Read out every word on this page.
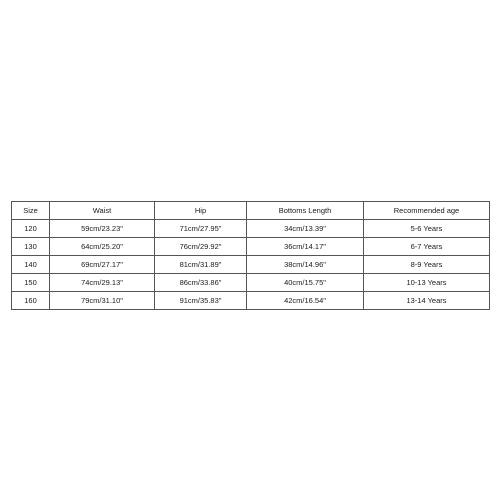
Size	Waist	Hip	Bottoms Length	Recommended age
120	59cm/23.23"	71cm/27.95"	34cm/13.39"	5-6 Years
130	64cm/25.20"	76cm/29.92"	36cm/14.17"	6-7 Years
140	69cm/27.17"	81cm/31.89"	38cm/14.96"	8-9 Years
150	74cm/29.13"	86cm/33.86"	40cm/15.75"	10-13 Years
160	79cm/31.10"	91cm/35.83"	42cm/16.54"	13-14 Years
